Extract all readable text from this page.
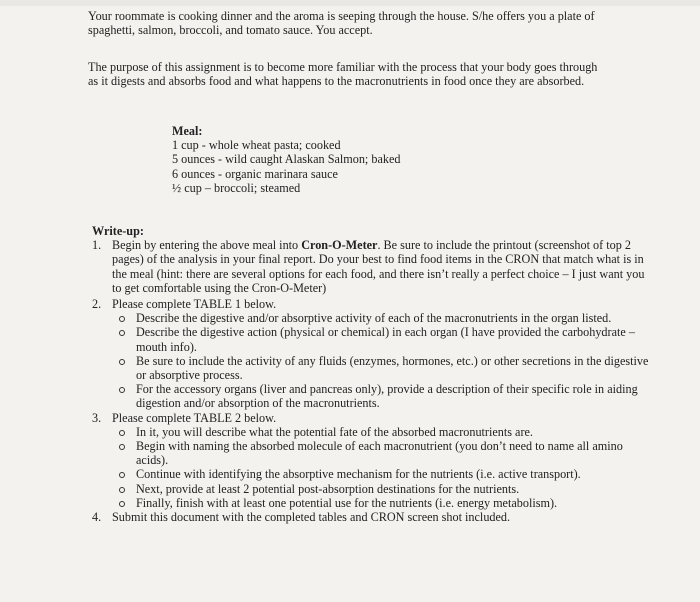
Your roommate is cooking dinner and the aroma is seeping through the house. S/he offers you a plate of spaghetti, salmon, broccoli, and tomato sauce. You accept.

The purpose of this assignment is to become more familiar with the process that your body goes through as it digests and absorbs food and what happens to the macronutrients in food once they are absorbed.

Meal:
1 cup - whole wheat pasta; cooked
5 ounces - wild caught Alaskan Salmon; baked
6 ounces - organic marinara sauce
½ cup – broccoli; steamed
Write-up:
1. Begin by entering the above meal into Cron-O-Meter. Be sure to include the printout (screenshot of top 2 pages) of the analysis in your final report. Do your best to find food items in the CRON that match what is in the meal (hint: there are several options for each food, and there isn’t really a perfect choice – I just want you to get comfortable using the Cron-O-Meter)
2. Please complete TABLE 1 below.
Describe the digestive and/or absorptive activity of each of the macronutrients in the organ listed.
Describe the digestive action (physical or chemical) in each organ (I have provided the carbohydrate – mouth info).
Be sure to include the activity of any fluids (enzymes, hormones, etc.) or other secretions in the digestive or absorptive process.
For the accessory organs (liver and pancreas only), provide a description of their specific role in aiding digestion and/or absorption of the macronutrients.
3. Please complete TABLE 2 below.
In it, you will describe what the potential fate of the absorbed macronutrients are.
Begin with naming the absorbed molecule of each macronutrient (you don’t need to name all amino acids).
Continue with identifying the absorptive mechanism for the nutrients (i.e. active transport).
Next, provide at least 2 potential post-absorption destinations for the nutrients.
Finally, finish with at least one potential use for the nutrients (i.e. energy metabolism).
4. Submit this document with the completed tables and CRON screen shot included.
